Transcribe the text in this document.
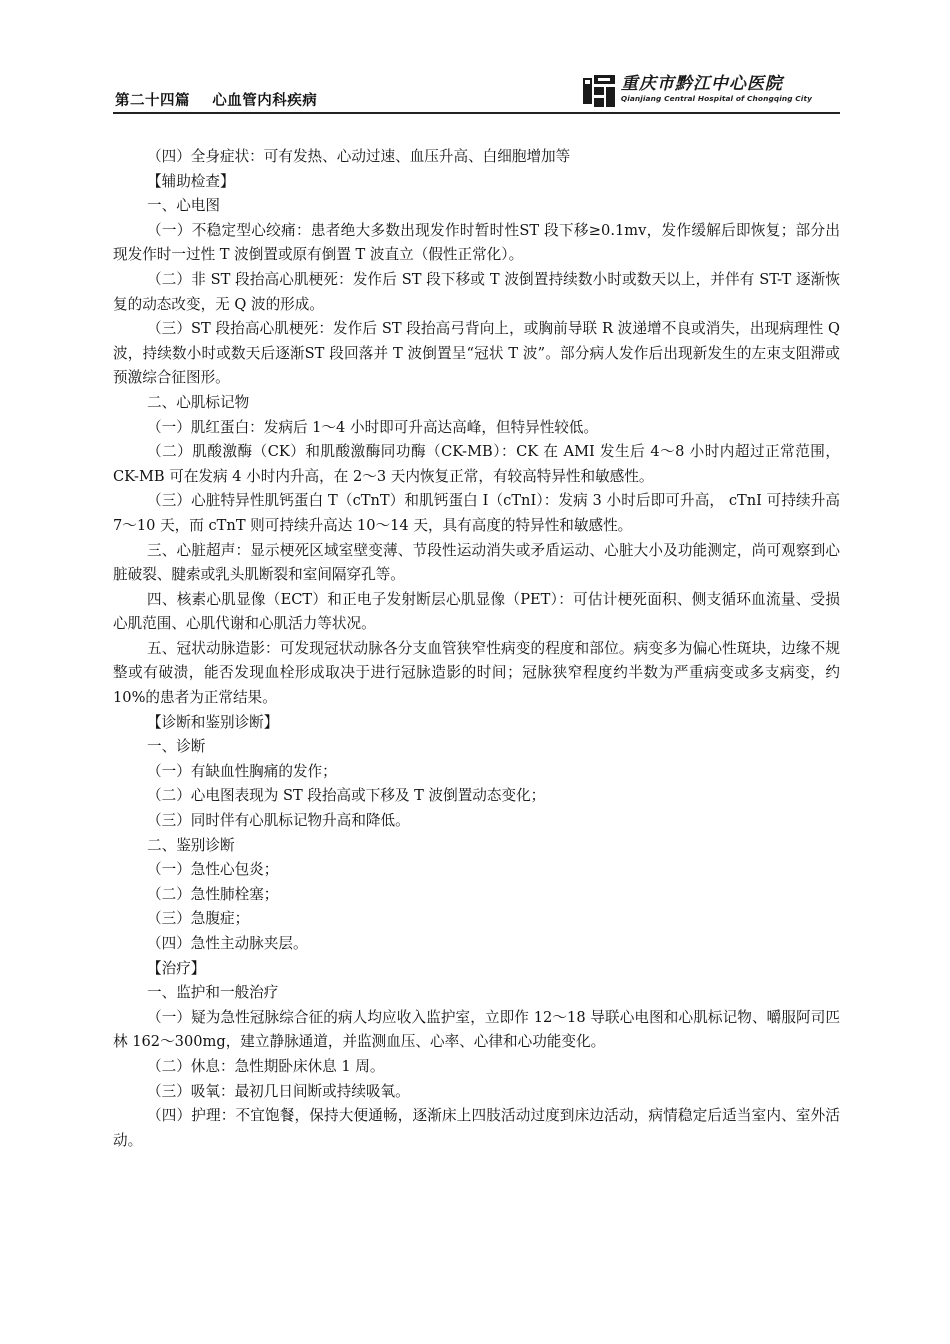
第二十四篇    心血管内科疾病
重庆市黔江中心医院
Qianjiang Central Hospital of Chongqing City

（四）全身症状：可有发热、心动过速、血压升高、白细胞增加等

【辅助检查】

一、心电图

（一）不稳定型心绞痛：患者绝大多数出现发作时暂时性ST 段下移≥0.1mv，发作缓解后即恢复；部分出现发作时一过性 T 波倒置或原有倒置 T 波直立（假性正常化）。

（二）非 ST 段抬高心肌梗死：发作后 ST 段下移或 T 波倒置持续数小时或数天以上，并伴有 ST-T 逐渐恢复的动态改变，无 Q 波的形成。

（三）ST 段抬高心肌梗死：发作后 ST 段抬高弓背向上，或胸前导联 R 波递增不良或消失，出现病理性 Q 波，持续数小时或数天后逐渐ST 段回落并 T 波倒置呈“冠状 T 波”。部分病人发作后出现新发生的左束支阻滞或预激综合征图形。

二、心肌标记物

（一）肌红蛋白：发病后 1～4 小时即可升高达高峰，但特异性较低。

（二）肌酸激酶（CK）和肌酸激酶同功酶（CK-MB）：CK 在 AMI 发生后 4～8 小时内超过正常范围，CK-MB 可在发病 4 小时内升高，在 2～3 天内恢复正常，有较高特异性和敏感性。

（三）心脏特异性肌钙蛋白 T（cTnT）和肌钙蛋白 I（cTnI）：发病 3 小时后即可升高， cTnI 可持续升高 7～10 天，而 cTnT 则可持续升高达 10～14 天，具有高度的特异性和敏感性。

三、心脏超声：显示梗死区域室壁变薄、节段性运动消失或矛盾运动、心脏大小及功能测定，尚可观察到心脏破裂、腱索或乳头肌断裂和室间隔穿孔等。

四、核素心肌显像（ECT）和正电子发射断层心肌显像（PET）：可估计梗死面积、侧支循环血流量、受损心肌范围、心肌代谢和心肌活力等状况。

五、冠状动脉造影：可发现冠状动脉各分支血管狭窄性病变的程度和部位。病变多为偏心性斑块，边缘不规整或有破溃，能否发现血栓形成取决于进行冠脉造影的时间；冠脉狭窄程度约半数为严重病变或多支病变，约 10%的患者为正常结果。

【诊断和鉴别诊断】

一、诊断

（一）有缺血性胸痛的发作；

（二）心电图表现为 ST 段抬高或下移及 T 波倒置动态变化；

（三）同时伴有心肌标记物升高和降低。

二、鉴别诊断

（一）急性心包炎；

（二）急性肺栓塞；

（三）急腹症；

（四）急性主动脉夹层。

【治疗】

一、监护和一般治疗

（一）疑为急性冠脉综合征的病人均应收入监护室，立即作 12～18 导联心电图和心肌标记物、嚼服阿司匹林 162～300mg，建立静脉通道，并监测血压、心率、心律和心功能变化。

（二）休息：急性期卧床休息 1 周。

（三）吸氧：最初几日间断或持续吸氧。

（四）护理：不宜饱餐，保持大便通畅，逐渐床上四肢活动过度到床边活动，病情稳定后适当室内、室外活动。
